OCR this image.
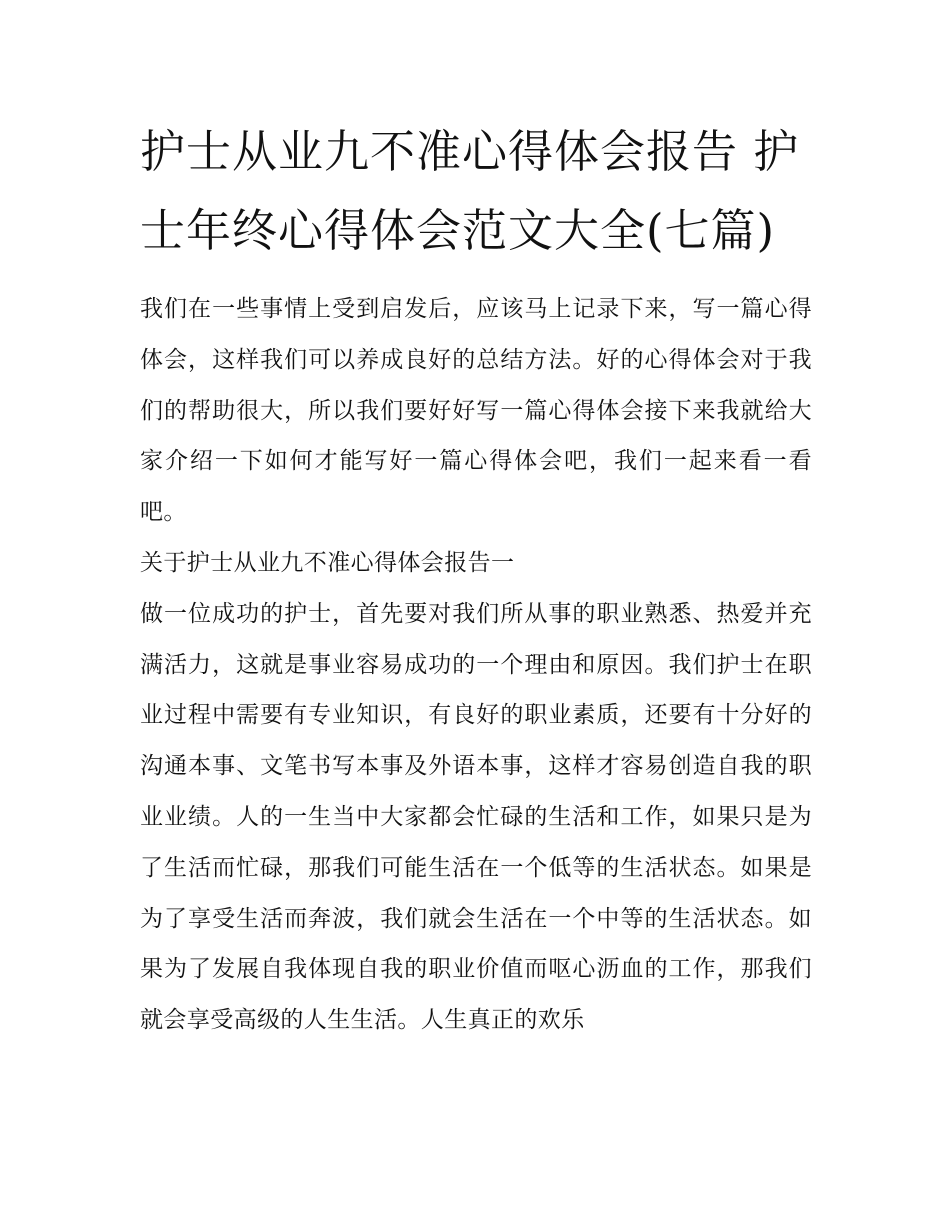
护士从业九不准心得体会报告 护士年终心得体会范文大全(七篇)

我们在一些事情上受到启发后，应该马上记录下来，写一篇心得体会，这样我们可以养成良好的总结方法。好的心得体会对于我们的帮助很大，所以我们要好好写一篇心得体会接下来我就给大家介绍一下如何才能写好一篇心得体会吧，我们一起来看一看吧。

关于护士从业九不准心得体会报告一

做一位成功的护士，首先要对我们所从事的职业熟悉、热爱并充满活力，这就是事业容易成功的一个理由和原因。我们护士在职业过程中需要有专业知识，有良好的职业素质，还要有十分好的沟通本事、文笔书写本事及外语本事，这样才容易创造自我的职业业绩。人的一生当中大家都会忙碌的生活和工作，如果只是为了生活而忙碌，那我们可能生活在一个低等的生活状态。如果是为了享受生活而奔波，我们就会生活在一个中等的生活状态。如果为了发展自我体现自我的职业价值而呕心沥血的工作，那我们就会享受高级的人生生活。人生真正的欢乐
